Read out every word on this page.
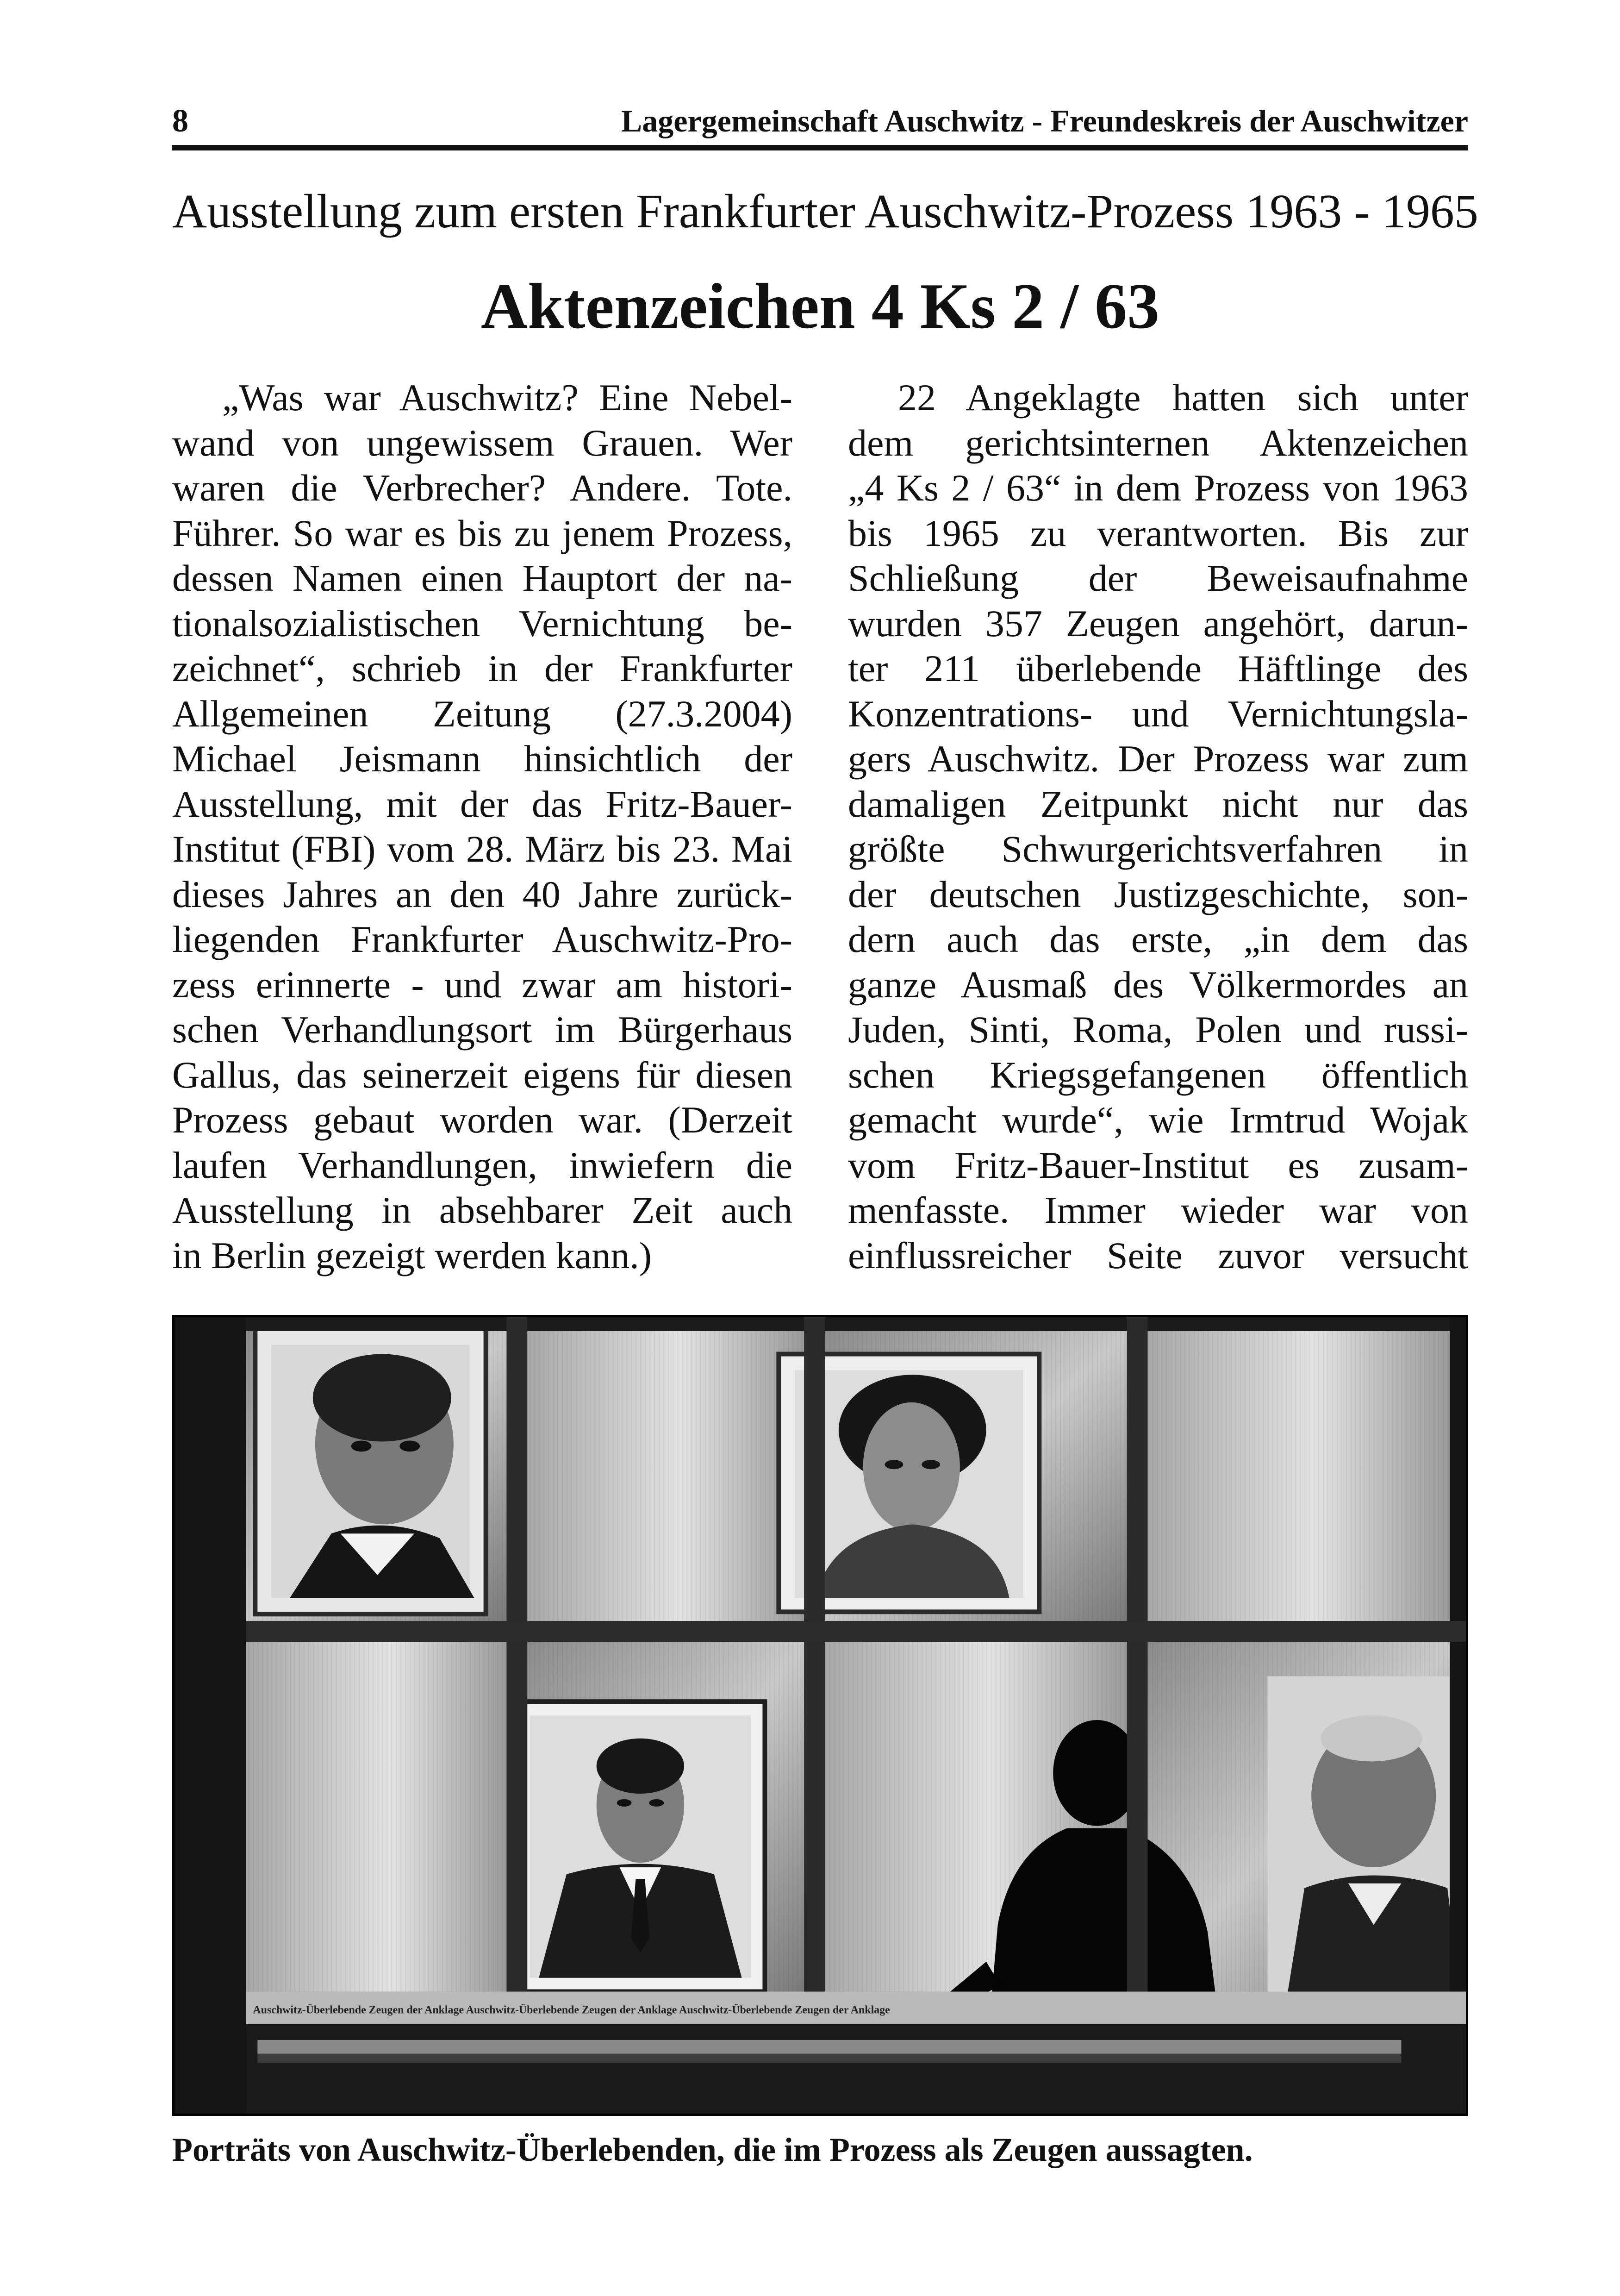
8	Lagergemeinschaft Auschwitz - Freundeskreis der Auschwitzer
Ausstellung zum ersten Frankfurter Auschwitz-Prozess 1963 - 1965
Aktenzeichen 4 Ks 2 / 63
„Was war Auschwitz? Eine Nebel-
wand von ungewissem Grauen. Wer
waren die Verbrecher? Andere. Tote.
Führer. So war es bis zu jenem Prozess,
dessen Namen einen Hauptort der na-
tionalsozialistischen Vernichtung be-
zeichnet“, schrieb in der Frankfurter
Allgemeinen Zeitung (27.3.2004)
Michael Jeismann hinsichtlich der
Ausstellung, mit der das Fritz-Bauer-
Institut (FBI) vom 28. März bis 23. Mai
dieses Jahres an den 40 Jahre zurück-
liegenden Frankfurter Auschwitz-Pro-
zess erinnerte - und zwar am histori-
schen Verhandlungsort im Bürgerhaus
Gallus, das seinerzeit eigens für diesen
Prozess gebaut worden war. (Derzeit
laufen Verhandlungen, inwiefern die
Ausstellung in absehbarer Zeit auch
in Berlin gezeigt werden kann.)
22 Angeklagte hatten sich unter
dem gerichtsinternen Aktenzeichen
„4 Ks 2 / 63“ in dem Prozess von 1963
bis 1965 zu verantworten. Bis zur
Schließung der Beweisaufnahme
wurden 357 Zeugen angehört, darun-
ter 211 überlebende Häftlinge des
Konzentrations- und Vernichtungsla-
gers Auschwitz. Der Prozess war zum
damaligen Zeitpunkt nicht nur das
größte Schwurgerichtsverfahren in
der deutschen Justizgeschichte, son-
dern auch das erste, „in dem das
ganze Ausmaß des Völkermordes an
Juden, Sinti, Roma, Polen und russi-
schen Kriegsgefangenen öffentlich
gemacht wurde“, wie Irmtrud Wojak
vom Fritz-Bauer-Institut es zusam-
menfasste. Immer wieder war von
einflussreicher Seite zuvor versucht
Auschwitz-Überlebende Zeugen der Anklage Auschwitz-Überlebende Zeugen der Anklage Auschwitz-Überlebende Zeugen der Anklage
Porträts von Auschwitz-Überlebenden, die im Prozess als Zeugen aussagten.
